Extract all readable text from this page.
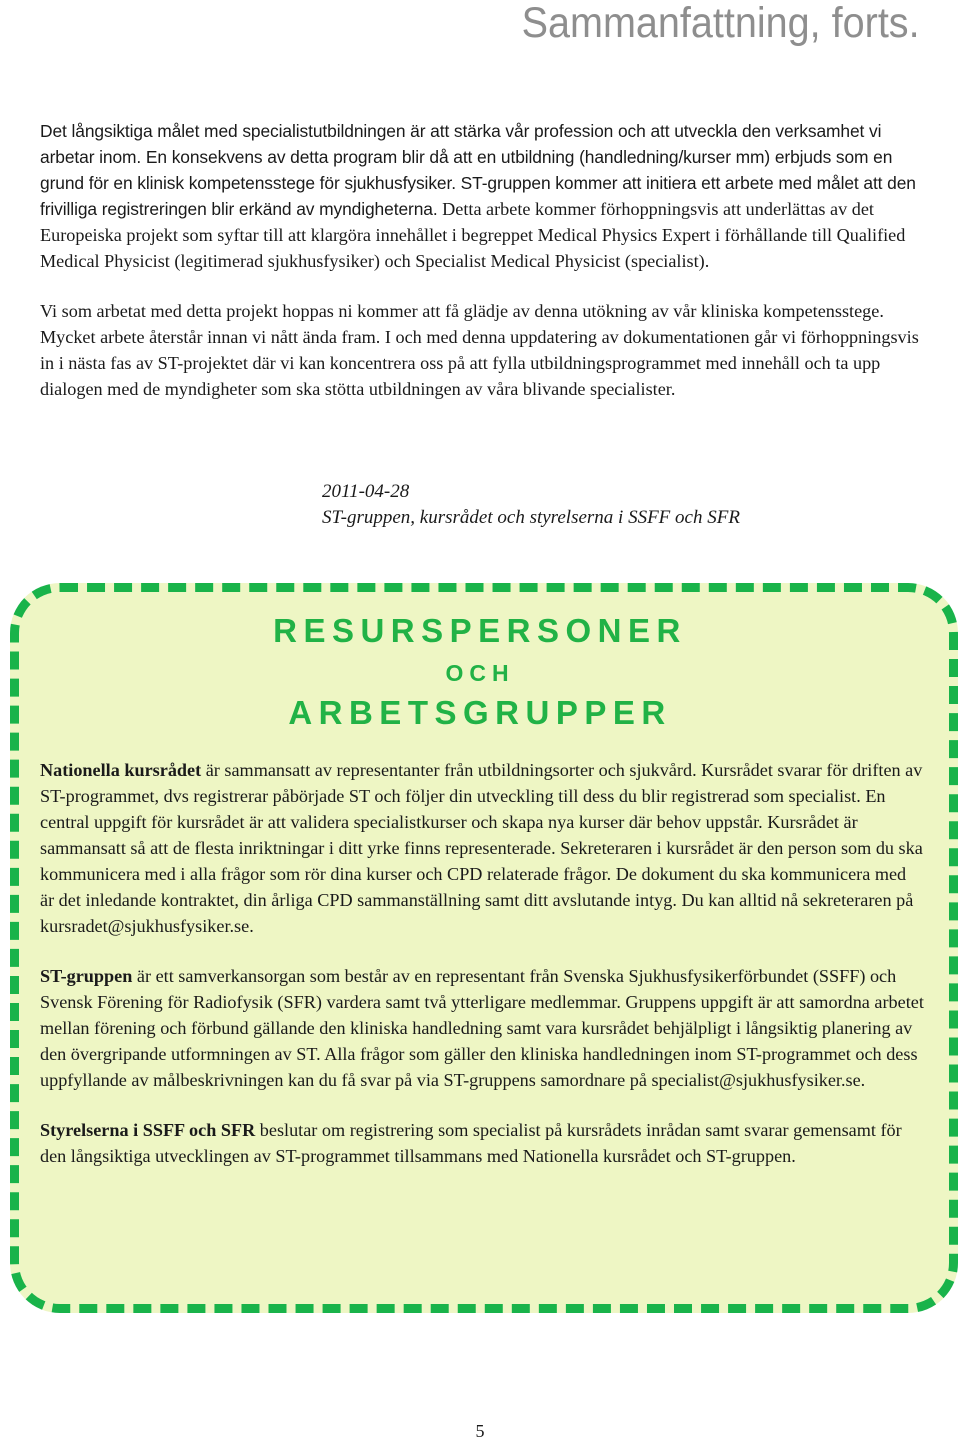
Sammanfattning, forts.

Det långsiktiga målet med specialistutbildningen är att stärka vår profession och att utveckla den verksamhet vi arbetar inom. En konsekvens av detta program blir då att en utbildning (handledning/kurser mm) erbjuds som en grund för en klinisk kompetensstege för sjukhusfysiker. ST-gruppen kommer att initiera ett arbete med målet att den frivilliga registreringen blir erkänd av myndigheterna. Detta arbete kommer förhoppningsvis att underlättas av det Europeiska projekt som syftar till att klargöra innehållet i begreppet Medical Physics Expert i förhållande till Qualified Medical Physicist (legitimerad sjukhusfysiker) och Specialist Medical Physicist (specialist).

Vi som arbetat med detta projekt hoppas ni kommer att få glädje av denna utökning av vår kliniska kompetensstege. Mycket arbete återstår innan vi nått ända fram. I och med denna uppdatering av dokumentationen går vi förhoppningsvis in i nästa fas av ST-projektet där vi kan koncentrera oss på att fylla utbildningsprogrammet med innehåll och ta upp dialogen med de myndigheter som ska stötta utbildningen av våra blivande specialister.

2011-04-28
ST-gruppen, kursrådet och styrelserna i SSFF och SFR
RESURSPERSONER
OCH
ARBETSGRUPPER

Nationella kursrådet är sammansatt av representanter från utbildningsorter och sjukvård. Kursrådet svarar för driften av ST-programmet, dvs registrerar påbörjade ST och följer din utveckling till dess du blir registrerad som specialist. En central uppgift för kursrådet är att validera specialistkurser och skapa nya kurser där behov uppstår. Kursrådet är sammansatt så att de flesta inriktningar i ditt yrke finns representerade. Sekreteraren i kursrådet är den person som du ska kommunicera med i alla frågor som rör dina kurser och CPD relaterade frågor. De dokument du ska kommunicera med är det inledande kontraktet, din årliga CPD sammanställning samt ditt avslutande intyg. Du kan alltid nå sekreteraren på kursradet@sjukhusfysiker.se.

ST-gruppen är ett samverkansorgan som består av en representant från Svenska Sjukhusfysikerförbundet (SSFF) och Svensk Förening för Radiofysik (SFR) vardera samt två ytterligare medlemmar. Gruppens uppgift är att samordna arbetet mellan förening och förbund gällande den kliniska handledning samt vara kursrådet behjälpligt i långsiktig planering av den övergripande utformningen av ST. Alla frågor som gäller den kliniska handledningen inom ST-programmet och dess uppfyllande av målbeskrivningen kan du få svar på via ST-gruppens samordnare på specialist@sjukhusfysiker.se.

Styrelserna i SSFF och SFR beslutar om registrering som specialist på kursrådets inrådan samt svarar gemensamt för den långsiktiga utvecklingen av ST-programmet tillsammans med Nationella kursrådet och ST-gruppen.

5
